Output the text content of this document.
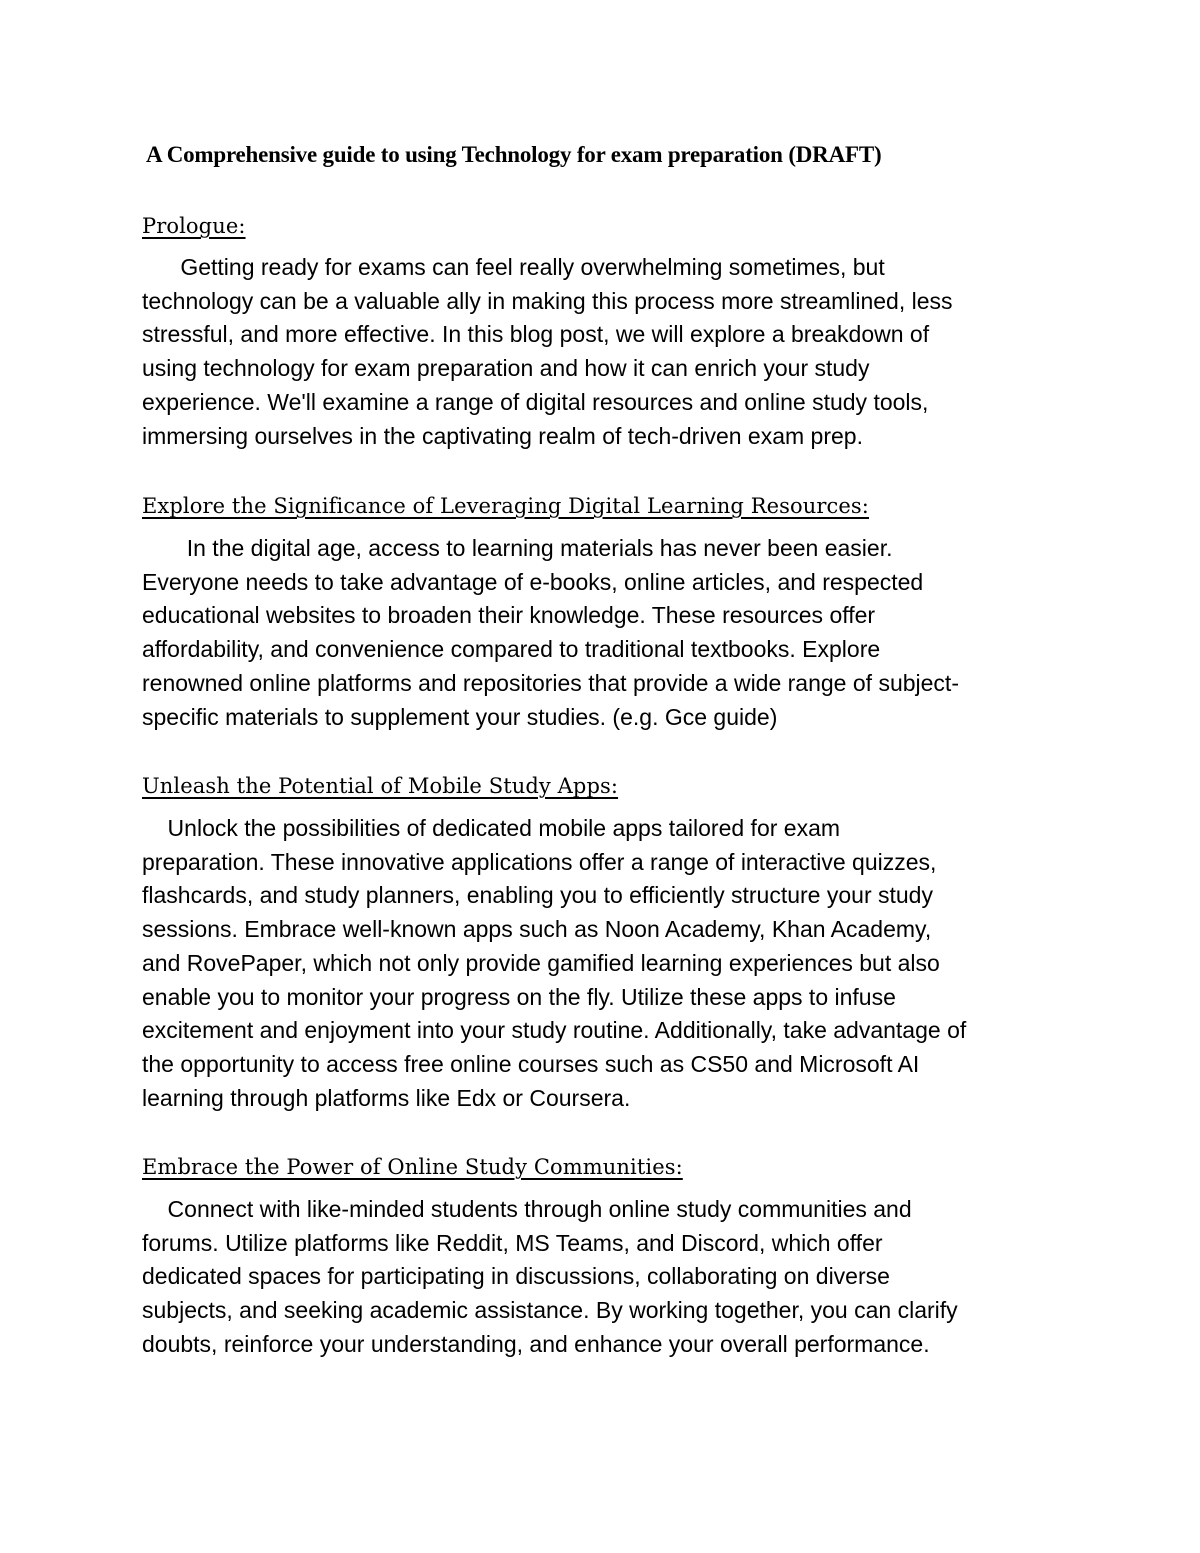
A Comprehensive guide to using Technology for exam preparation (DRAFT)
Prologue:
Getting ready for exams can feel really overwhelming sometimes, but
technology can be a valuable ally in making this process more streamlined, less
stressful, and more effective. In this blog post, we will explore a breakdown of
using technology for exam preparation and how it can enrich your study
experience. We'll examine a range of digital resources and online study tools,
immersing ourselves in the captivating realm of tech-driven exam prep.
Explore the Significance of Leveraging Digital Learning Resources:
In the digital age, access to learning materials has never been easier.
Everyone needs to take advantage of e-books, online articles, and respected
educational websites to broaden their knowledge. These resources offer
affordability, and convenience compared to traditional textbooks. Explore
renowned online platforms and repositories that provide a wide range of subject-
specific materials to supplement your studies. (e.g. Gce guide)
Unleash the Potential of Mobile Study Apps:
Unlock the possibilities of dedicated mobile apps tailored for exam
preparation. These innovative applications offer a range of interactive quizzes,
flashcards, and study planners, enabling you to efficiently structure your study
sessions. Embrace well-known apps such as Noon Academy, Khan Academy,
and RovePaper, which not only provide gamified learning experiences but also
enable you to monitor your progress on the fly. Utilize these apps to infuse
excitement and enjoyment into your study routine. Additionally, take advantage of
the opportunity to access free online courses such as CS50 and Microsoft AI
learning through platforms like Edx or Coursera.
Embrace the Power of Online Study Communities:
Connect with like-minded students through online study communities and
forums. Utilize platforms like Reddit, MS Teams, and Discord, which offer
dedicated spaces for participating in discussions, collaborating on diverse
subjects, and seeking academic assistance. By working together, you can clarify
doubts, reinforce your understanding, and enhance your overall performance.
